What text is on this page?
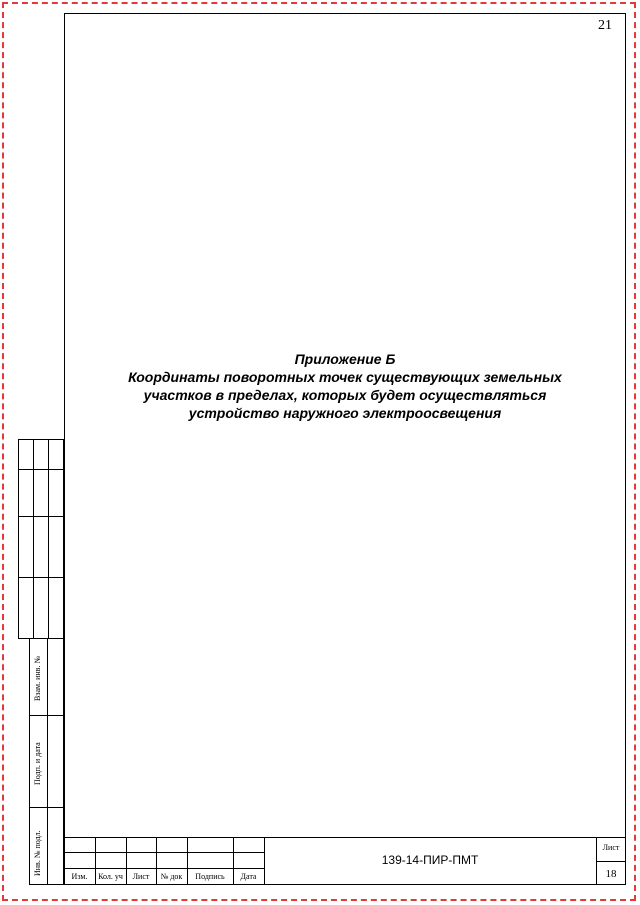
21
Приложение Б
Координаты поворотных точек существующих земельных
участков в пределах, которых будет осуществляться
устройство наружного электроосвещения
Взам. инв. №
Подп. и дата
Инв. № подл.
Изм.	Кол. уч	Лист	№ док	Подпись	Дата
139-14-ПИР-ПМТ
Лист
18
